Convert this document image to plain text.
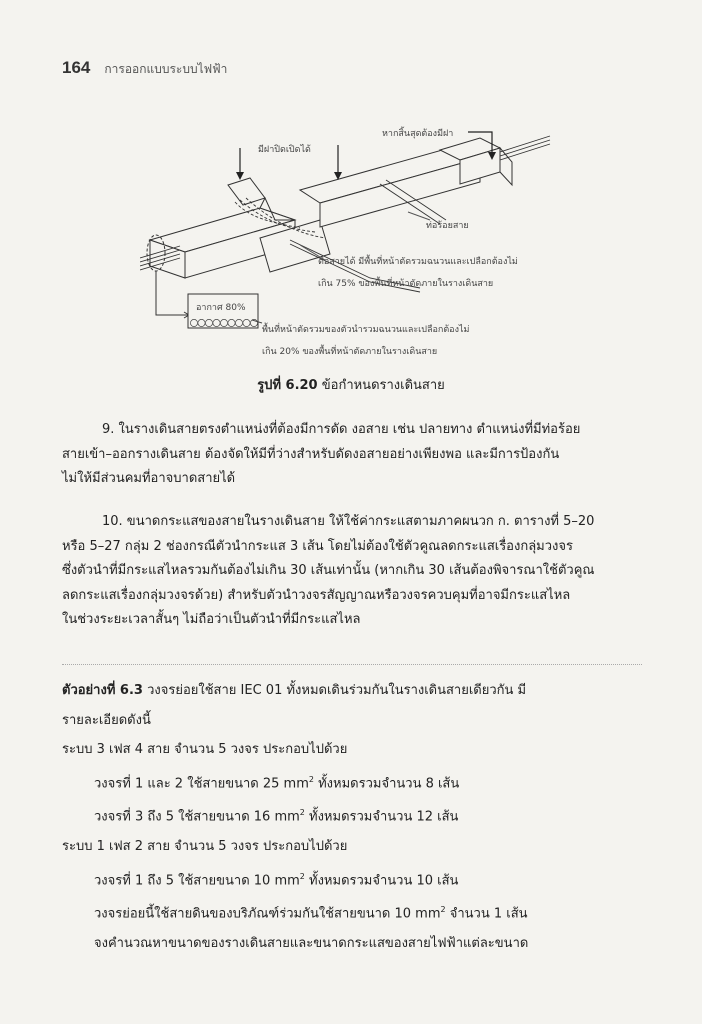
164 การออกแบบระบบไฟฟ้า
มีฝาปิดเปิดได้
หากสิ้นสุดต้องมีฝา
ท่อร้อยสาย
ต่อสายได้ มีพื้นที่หน้าตัดรวมฉนวนและเปลือกต้องไม่
เกิน 75% ของพื้นที่หน้าตัดภายในรางเดินสาย
อากาศ 80%
พื้นที่หน้าตัดรวมของตัวนำรวมฉนวนและเปลือกต้องไม่
เกิน 20% ของพื้นที่หน้าตัดภายในรางเดินสาย
รูปที่ 6.20 ข้อกำหนดรางเดินสาย
9. ในรางเดินสายตรงตำแหน่งที่ต้องมีการดัด งอสาย เช่น ปลายทาง ตำแหน่งที่มีท่อร้อย
สายเข้า–ออกรางเดินสาย ต้องจัดให้มีที่ว่างสำหรับดัดงอสายอย่างเพียงพอ และมีการป้องกัน
ไม่ให้มีส่วนคมที่อาจบาดสายได้
10. ขนาดกระแสของสายในรางเดินสาย ให้ใช้ค่ากระแสตามภาคผนวก ก. ตารางที่ 5–20
หรือ 5–27 กลุ่ม 2 ช่องกรณีตัวนำกระแส 3 เส้น โดยไม่ต้องใช้ตัวคูณลดกระแสเรื่องกลุ่มวงจร
ซึ่งตัวนำที่มีกระแสไหลรวมกันต้องไม่เกิน 30 เส้นเท่านั้น (หากเกิน 30 เส้นต้องพิจารณาใช้ตัวคูณ
ลดกระแสเรื่องกลุ่มวงจรด้วย) สำหรับตัวนำวงจรสัญญาณหรือวงจรควบคุมที่อาจมีกระแสไหล
ในช่วงระยะเวลาสั้นๆ ไม่ถือว่าเป็นตัวนำที่มีกระแสไหล
ตัวอย่างที่ 6.3 วงจรย่อยใช้สาย IEC 01 ทั้งหมดเดินร่วมกันในรางเดินสายเดียวกัน มี
รายละเอียดดังนี้
ระบบ 3 เฟส 4 สาย จำนวน 5 วงจร ประกอบไปด้วย
วงจรที่ 1 และ 2 ใช้สายขนาด 25 $mm^2$ ทั้งหมดรวมจำนวน 8 เส้น
วงจรที่ 3 ถึง 5 ใช้สายขนาด 16 $mm^2$ ทั้งหมดรวมจำนวน 12 เส้น
ระบบ 1 เฟส 2 สาย จำนวน 5 วงจร ประกอบไปด้วย
วงจรที่ 1 ถึง 5 ใช้สายขนาด 10 $mm^2$ ทั้งหมดรวมจำนวน 10 เส้น
วงจรย่อยนี้ใช้สายดินของบริภัณฑ์ร่วมกันใช้สายขนาด 10 $mm^2$ จำนวน 1 เส้น
จงคำนวณหาขนาดของรางเดินสายและขนาดกระแสของสายไฟฟ้าแต่ละขนาด
